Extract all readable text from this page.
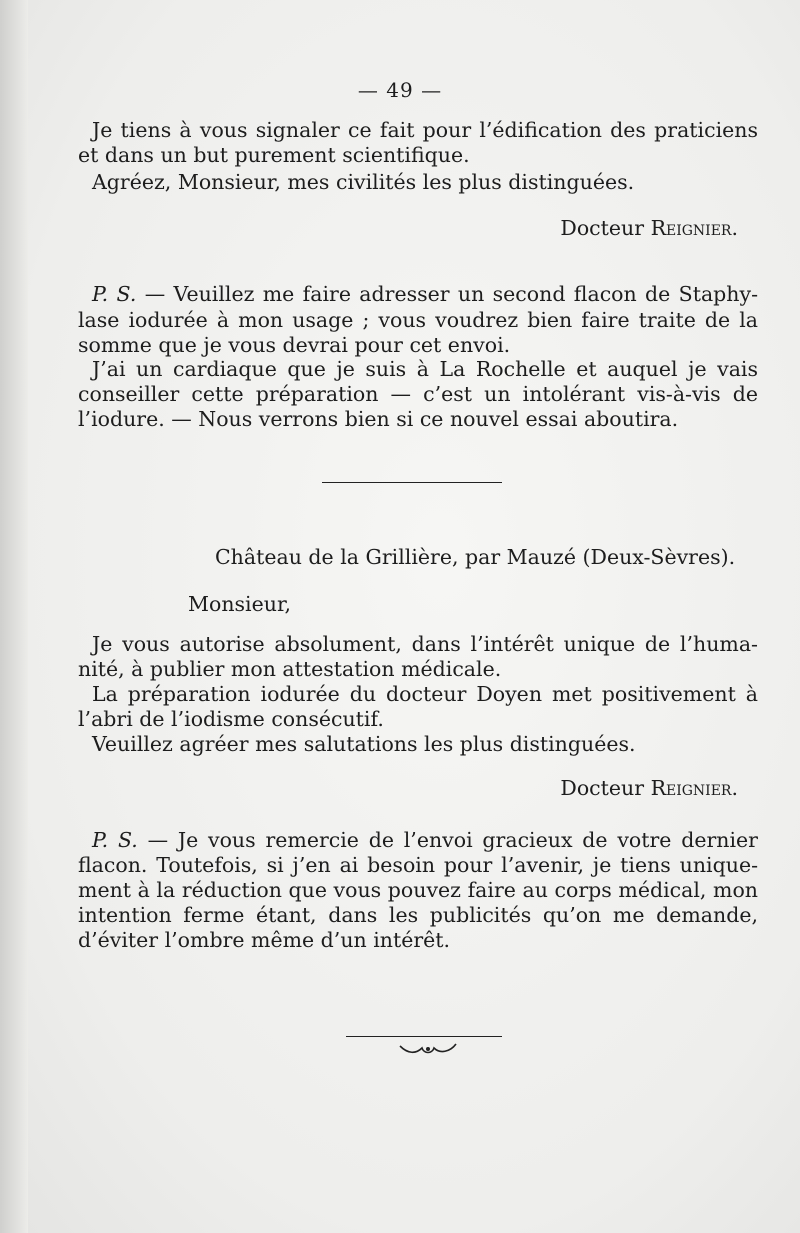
— 49 —
Je tiens à vous signaler ce fait pour l’édification des praticiens
et dans un but purement scientifique.
Agréez, Monsieur, mes civilités les plus distinguées.
Docteur Reignier.
P. S. — Veuillez me faire adresser un second flacon de Staphy-
lase iodurée à mon usage ; vous voudrez bien faire traite de la
somme que je vous devrai pour cet envoi.
J’ai un cardiaque que je suis à La Rochelle et auquel je vais
conseiller cette préparation — c’est un intolérant vis-à-vis de
l’iodure. — Nous verrons bien si ce nouvel essai aboutira.
Château de la Grillière, par Mauzé (Deux-Sèvres).
Monsieur,
Je vous autorise absolument, dans l’intérêt unique de l’huma-
nité, à publier mon attestation médicale.
La préparation iodurée du docteur Doyen met positivement à
l’abri de l’iodisme consécutif.
Veuillez agréer mes salutations les plus distinguées.
Docteur Reignier.
P. S. — Je vous remercie de l’envoi gracieux de votre dernier
flacon. Toutefois, si j’en ai besoin pour l’avenir, je tiens unique-
ment à la réduction que vous pouvez faire au corps médical, mon
intention ferme étant, dans les publicités qu’on me demande,
d’éviter l’ombre même d’un intérêt.
